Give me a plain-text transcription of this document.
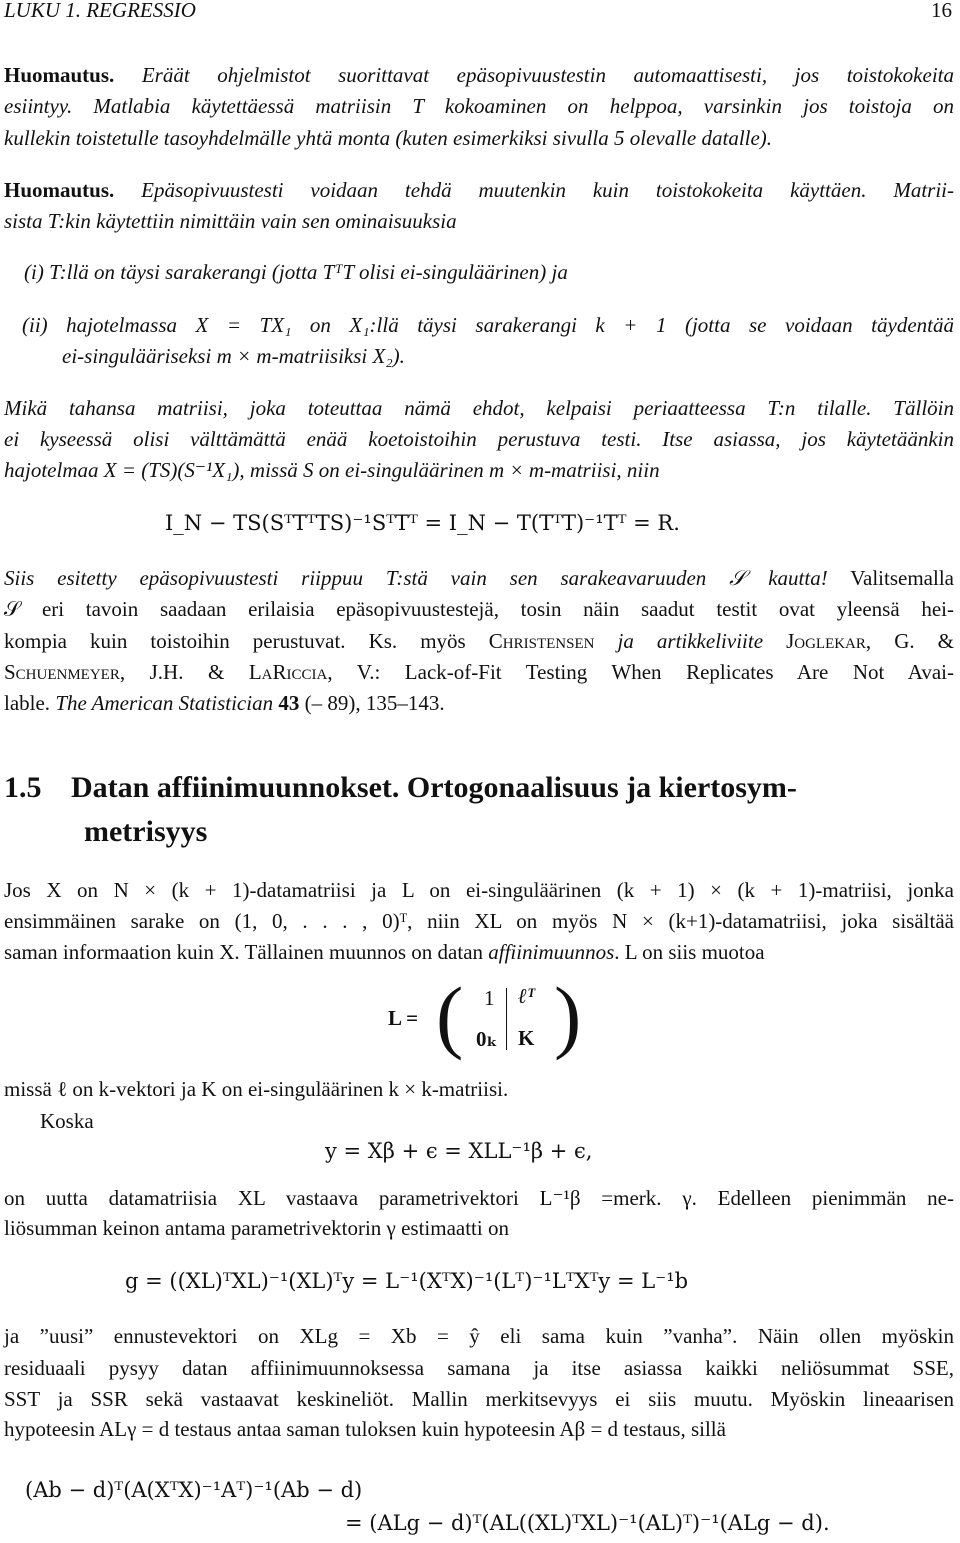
LUKU 1. REGRESSIO	16
Huomautus. Eräät ohjelmistot suorittavat epäsopivuustestin automaattisesti, jos toistokokeita
esiintyy. Matlabia käytettäessä matriisin T kokoaminen on helppoa, varsinkin jos toistoja on
kullekin toistetulle tasoyhdelmälle yhtä monta (kuten esimerkiksi sivulla 5 olevalle datalle).
Huomautus. Epäsopivuustesti voidaan tehdä muutenkin kuin toistokokeita käyttäen. Matrii-
sista T:kin käytettiin nimittäin vain sen ominaisuuksia
(i) T:llä on täysi sarakerangi (jotta TᵀT olisi ei-singuläärinen) ja
(ii) hajotelmassa X = TX₁ on X₁:llä täysi sarakerangi k + 1 (jotta se voidaan täydentää
ei-singulääriseksi m × m-matriisiksi X₂).
Mikä tahansa matriisi, joka toteuttaa nämä ehdot, kelpaisi periaatteessa T:n tilalle. Tällöin
ei kyseessä olisi välttämättä enää koetoistoihin perustuva testi. Itse asiassa, jos käytetäänkin
hajotelmaa X = (TS)(S⁻¹X₁), missä S on ei-singuläärinen m × m-matriisi, niin
I_N − TS(SᵀTᵀTS)⁻¹SᵀTᵀ = I_N − T(TᵀT)⁻¹Tᵀ = R.
Siis esitetty epäsopivuustesti riippuu T:stä vain sen sarakeavaruuden 𝒮 kautta! Valitsemalla
𝒮 eri tavoin saadaan erilaisia epäsopivuustestejä, tosin näin saadut testit ovat yleensä hei-
kompia kuin toistoihin perustuvat. Ks. myös Christensen ja artikkeliviite Joglekar, G. &
Schuenmeyer, J.H. & LaRiccia, V.: Lack-of-Fit Testing When Replicates Are Not Avai-
lable. The American Statistician 43 (– 89), 135–143.
1.5 Datan affiinimuunnokset. Ortogonaalisuus ja kiertosym-
metrisyys
Jos X on N × (k + 1)-datamatriisi ja L on ei-singuläärinen (k + 1) × (k + 1)-matriisi, jonka
ensimmäinen sarake on (1, 0, . . . , 0)ᵀ, niin XL on myös N × (k+1)-datamatriisi, joka sisältää
saman informaation kuin X. Tällainen muunnos on datan affiinimuunnos. L on siis muotoa
L = ( 1 ℓᵀ
0ₖ K )
missä ℓ on k-vektori ja K on ei-singuläärinen k × k-matriisi.
Koska
y = Xβ + ϵ = XLL⁻¹β + ϵ,
on uutta datamatriisia XL vastaava parametrivektori L⁻¹β =merk. γ. Edelleen pienimmän ne-
liösumman keinon antama parametrivektorin γ estimaatti on
g = ((XL)ᵀXL)⁻¹(XL)ᵀy = L⁻¹(XᵀX)⁻¹(Lᵀ)⁻¹LᵀXᵀy = L⁻¹b
ja ”uusi” ennustevektori on XLg = Xb = ŷ eli sama kuin ”vanha”. Näin ollen myöskin
residuaali pysyy datan affiinimuunnoksessa samana ja itse asiassa kaikki neliösummat SSE,
SST ja SSR sekä vastaavat keskineliöt. Mallin merkitsevyys ei siis muutu. Myöskin lineaarisen
hypoteesin ALγ = d testaus antaa saman tuloksen kuin hypoteesin Aβ = d testaus, sillä
(Ab − d)ᵀ(A(XᵀX)⁻¹Aᵀ)⁻¹(Ab − d)
= (ALg − d)ᵀ(AL((XL)ᵀXL)⁻¹(AL)ᵀ)⁻¹(ALg − d).
